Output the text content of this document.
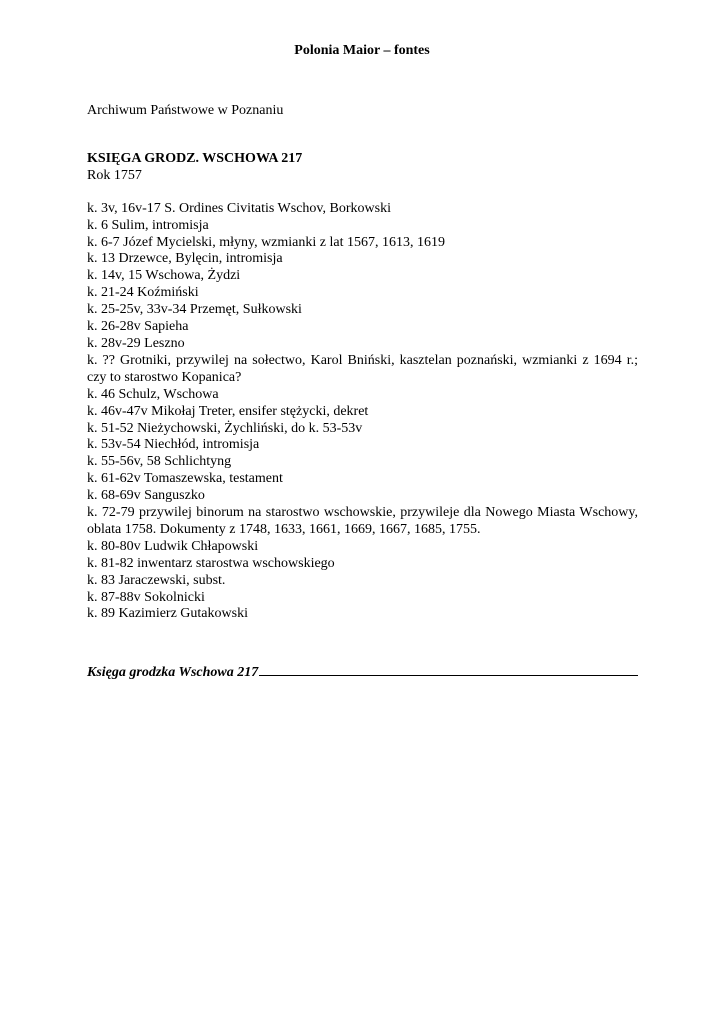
Polonia Maior – fontes

Archiwum Państwowe w Poznaniu

KSIĘGA GRODZ. WSCHOWA 217

Rok 1757

k. 3v, 16v-17 S. Ordines Civitatis Wschov, Borkowski
k. 6 Sulim, intromisja
k. 6-7 Józef Mycielski, młyny, wzmianki z lat 1567, 1613, 1619
k. 13 Drzewce, Bylęcin, intromisja
k. 14v, 15 Wschowa, Żydzi
k. 21-24 Koźmiński
k. 25-25v, 33v-34 Przemęt, Sułkowski
k. 26-28v Sapieha
k. 28v-29 Leszno
k. ?? Grotniki, przywilej na sołectwo, Karol Bniński, kasztelan poznański, wzmianki z 1694 r.; czy to starostwo Kopanica?
k. 46 Schulz, Wschowa
k. 46v-47v Mikołaj Treter, ensifer stężycki, dekret
k. 51-52 Nieżychowski, Żychliński, do k. 53-53v
k. 53v-54 Niechłód, intromisja
k. 55-56v, 58 Schlichtyng
k. 61-62v Tomaszewska, testament
k. 68-69v Sanguszko
k. 72-79 przywilej binorum na starostwo wschowskie, przywileje dla Nowego Miasta Wschowy, oblata 1758. Dokumenty z 1748, 1633, 1661, 1669, 1667, 1685, 1755.
k. 80-80v Ludwik Chłapowski
k. 81-82 inwentarz starostwa wschowskiego
k. 83 Jaraczewski, subst.
k. 87-88v Sokolnicki
k. 89 Kazimierz Gutakowski
Księga grodzka Wschowa 217
